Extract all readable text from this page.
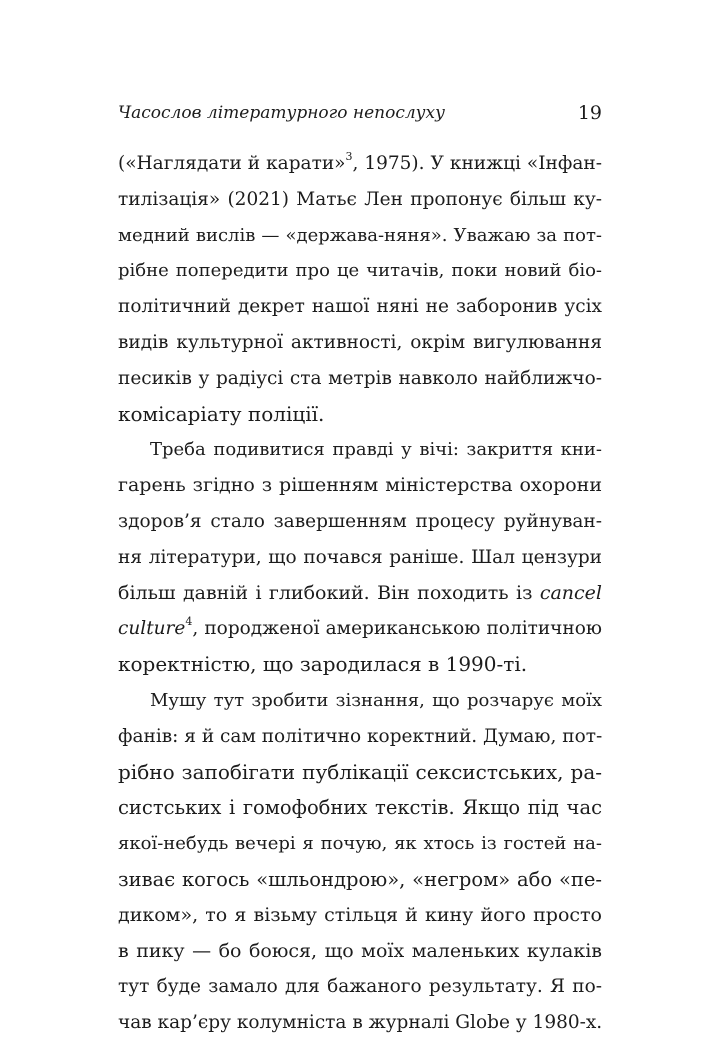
Часослов літературного непослуху	19
(«Наглядати й карати»$^3$, 1975). У книжці «Інфан-
тилізація» (2021) Матьє Лен пропонує більш ку-
медний вислів — «держава-няня». Уважаю за пот-
рібне попередити про це читачів, поки новий біо-
політичний декрет нашої няні не заборонив усіх
видів культурної активності, окрім вигулювання
песиків у радіусі ста метрів навколо найближчо-
комісаріату поліції.
Треба подивитися правді у вічі: закриття кни-
гарень згідно з рішенням міністерства охорони
здоров’я стало завершенням процесу руйнуван-
ня літератури, що почався раніше. Шал цензури
більш давній і глибокий. Він походить із cancel
culture$^4$, породженої американською політичною
коректністю, що зародилася в 1990-ті.
Мушу тут зробити зізнання, що розчарує моїх
фанів: я й сам політично коректний. Думаю, пот-
рібно запобігати публікації сексистських, ра-
систських і гомофобних текстів. Якщо під час
якої-небудь вечері я почую, як хтось із гостей на-
зиває когось «шльондрою», «негром» або «пе-
диком», то я візьму стільця й кину його просто
в пику — бо боюся, що моїх маленьких кулаків
тут буде замало для бажаного результату. Я по-
чав кар’єру колумніста в журналі Globe у 1980-х.
